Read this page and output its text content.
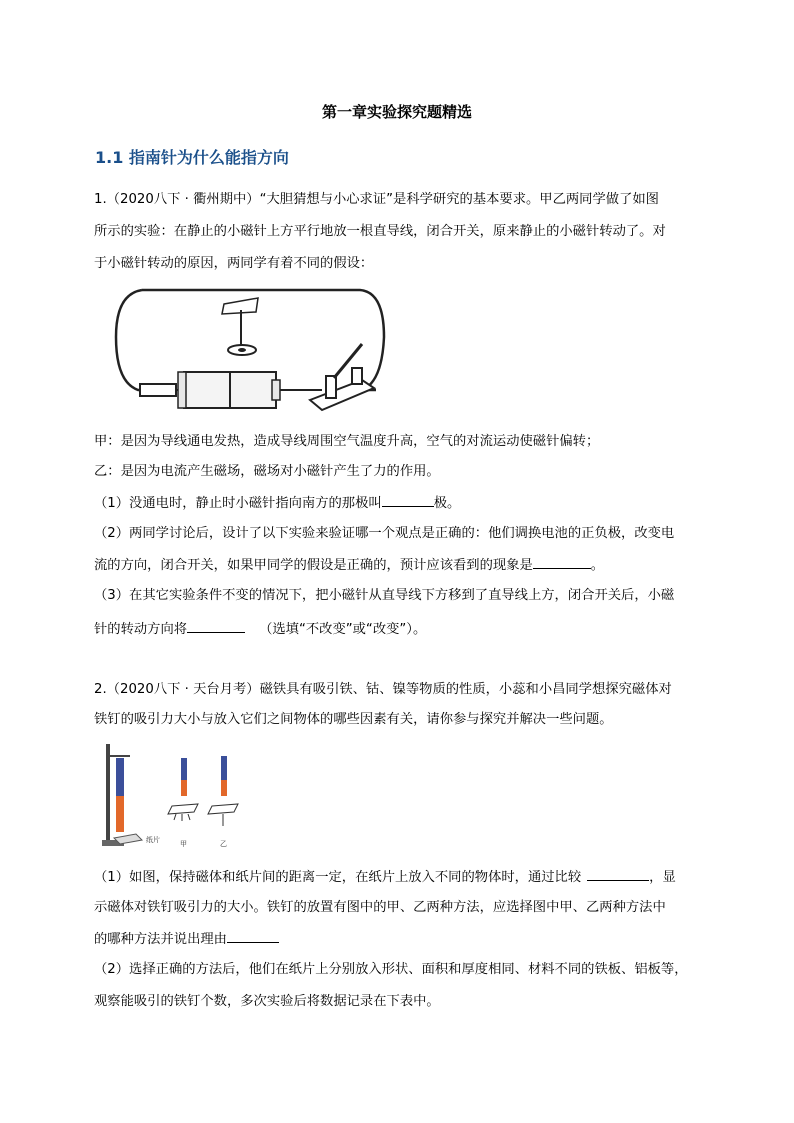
第一章实验探究题精选
1.1 指南针为什么能指方向
1.（2020八下 · 衢州期中）“大胆猜想与小心求证”是科学研究的基本要求。甲乙两同学做了如图
所示的实验：在静止的小磁针上方平行地放一根直导线，闭合开关，原来静止的小磁针转动了。对
于小磁针转动的原因，两同学有着不同的假设：
甲：是因为导线通电发热，造成导线周围空气温度升高，空气的对流运动使磁针偏转；
乙：是因为电流产生磁场，磁场对小磁针产生了力的作用。
（1）没通电时，静止时小磁针指向南方的那极叫	极。
（2）两同学讨论后，设计了以下实验来验证哪一个观点是正确的：他们调换电池的正负极，改变电
流的方向，闭合开关，如果甲同学的假设是正确的，预计应该看到的现象是	。
（3）在其它实验条件不变的情况下，把小磁针从直导线下方移到了直导线上方，闭合开关后，小磁
针的转动方向将	（选填“不改变”或“改变”）。
2.（2020八下 · 天台月考）磁铁具有吸引铁、钴、镍等物质的性质，小蕊和小昌同学想探究磁体对
铁钉的吸引力大小与放入它们之间物体的哪些因素有关，请你参与探究并解决一些问题。
纸片	甲	乙
（1）如图，保持磁体和纸片间的距离一定，在纸片上放入不同的物体时，通过比较	，显
示磁体对铁钉吸引力的大小。铁钉的放置有图中的甲、乙两种方法，应选择图中甲、乙两种方法中
的哪种方法并说出理由
（2）选择正确的方法后，他们在纸片上分别放入形状、面积和厚度相同、材料不同的铁板、铝板等，
观察能吸引的铁钉个数，多次实验后将数据记录在下表中。
